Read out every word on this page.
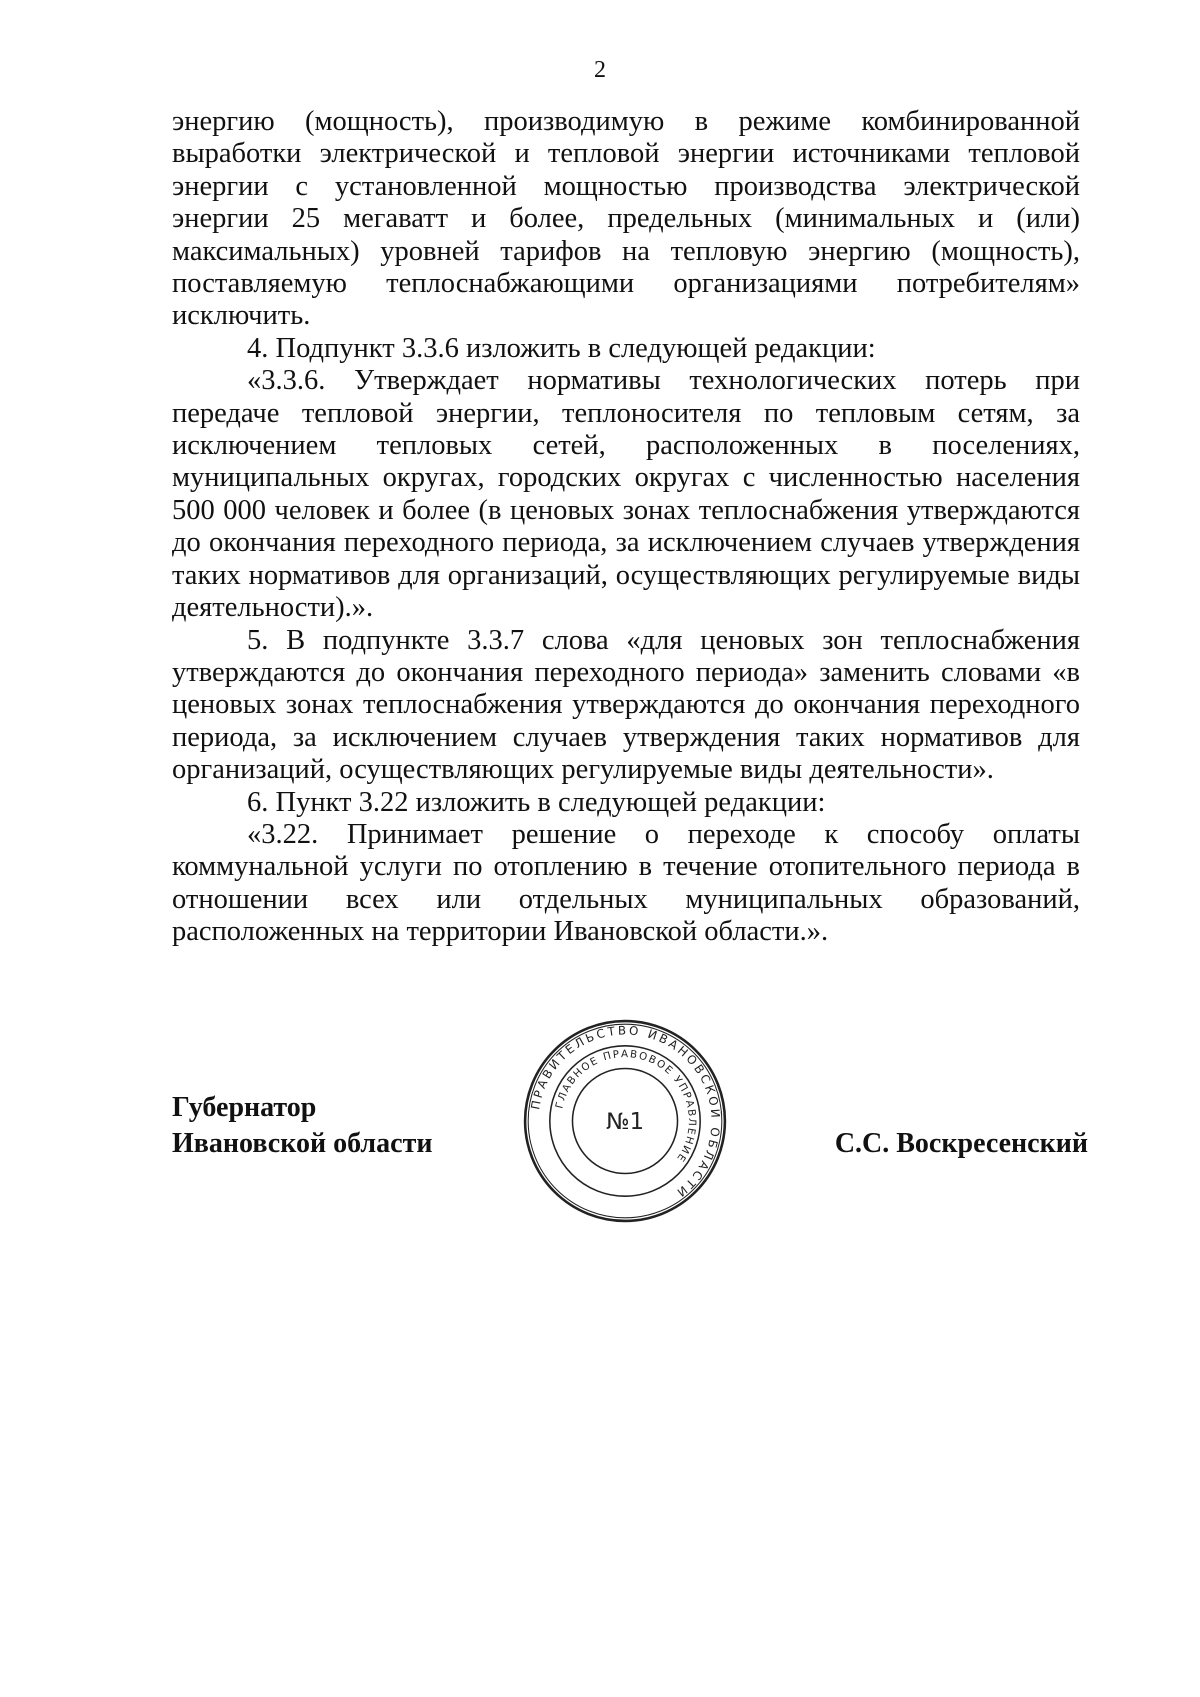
2

энергию (мощность), производимую в режиме комбинированной выработки электрической и тепловой энергии источниками тепловой энергии с установленной мощностью производства электрической энергии 25 мегаватт и более, предельных (минимальных и (или) максимальных) уровней тарифов на тепловую энергию (мощность), поставляемую теплоснабжающими организациями потребителям» исключить.

4. Подпункт 3.3.6 изложить в следующей редакции:

«3.3.6. Утверждает нормативы технологических потерь при передаче тепловой энергии, теплоносителя по тепловым сетям, за исключением тепловых сетей, расположенных в поселениях, муниципальных округах, городских округах с численностью населения 500 000 человек и более (в ценовых зонах теплоснабжения утверждаются до окончания переходного периода, за исключением случаев утверждения таких нормативов для организаций, осуществляющих регулируемые виды деятельности).».

5. В подпункте 3.3.7 слова «для ценовых зон теплоснабжения утверждаются до окончания переходного периода» заменить словами «в ценовых зонах теплоснабжения утверждаются до окончания переходного периода, за исключением случаев утверждения таких нормативов для организаций, осуществляющих регулируемые виды деятельности».

6. Пункт 3.22 изложить в следующей редакции:

«3.22. Принимает решение о переходе к способу оплаты коммунальной услуги по отоплению в течение отопительного периода в отношении всех или отдельных муниципальных образований, расположенных на территории Ивановской области.».

Губернатор
Ивановской области	С.С. Воскресенский
ПРАВИТЕЛЬСТВО ИВАНОВСКОЙ ОБЛАСТИ
ГЛАВНОЕ ПРАВОВОЕ УПРАВЛЕНИЕ
№1
